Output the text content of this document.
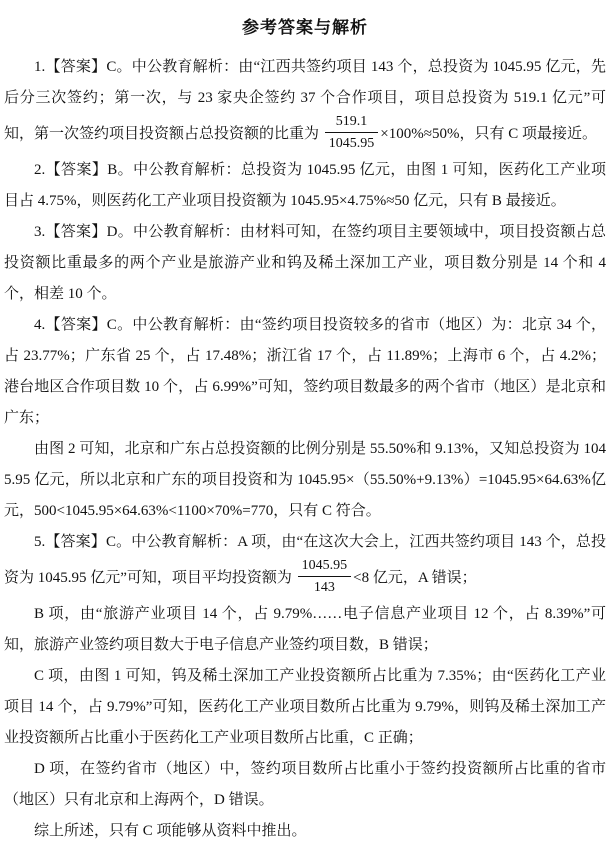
参考答案与解析

1.【答案】C。中公教育解析：由“江西共签约项目 143 个，总投资为 1045.95 亿元，先后分三次签约；第一次，与 23 家央企签约 37 个合作项目，项目总投资为 519.1 亿元”可知，第一次签约项目投资额占总投资额的比重为 $\frac{519.1}{1045.95} \times 100\%\approx 50\%$，只有 C 项最接近。

2.【答案】B。中公教育解析：总投资为 1045.95 亿元，由图 1 可知，医药化工产业项目占 4.75%，则医药化工产业项目投资额为 1045.95×4.75%≈50 亿元，只有 B 最接近。

3.【答案】D。中公教育解析：由材料可知，在签约项目主要领域中，项目投资额占总投资额比重最多的两个产业是旅游产业和钨及稀土深加工产业，项目数分别是 14 个和 4 个，相差 10 个。

4.【答案】C。中公教育解析：由“签约项目投资较多的省市（地区）为：北京 34 个，占 23.77%；广东省 25 个，占 17.48%；浙江省 17 个，占 11.89%；上海市 6 个，占 4.2%；港台地区合作项目数 10 个，占 6.99%”可知，签约项目数最多的两个省市（地区）是北京和广东；

由图 2 可知，北京和广东占总投资额的比例分别是 55.50%和 9.13%，又知总投资为 1045.95 亿元，所以北京和广东的项目投资和为 1045.95×（55.50%+9.13%）=1045.95×64.63%亿元，500<1045.95×64.63%<1100×70%=770，只有 C 符合。

5.【答案】C。中公教育解析：A 项，由“在这次大会上，江西共签约项目 143 个，总投资为 1045.95 亿元”可知，项目平均投资额为 $\frac{1045.95}{143} <8$ 亿元，A 错误；

B 项，由“旅游产业项目 14 个，占 9.79%……电子信息产业项目 12 个，占 8.39%”可知，旅游产业签约项目数大于电子信息产业签约项目数，B 错误；

C 项，由图 1 可知，钨及稀土深加工产业投资额所占比重为 7.35%；由“医药化工产业项目 14 个，占 9.79%”可知，医药化工产业项目数所占比重为 9.79%，则钨及稀土深加工产业投资额所占比重小于医药化工产业项目数所占比重，C 正确；

D 项，在签约省市（地区）中，签约项目数所占比重小于签约投资额所占比重的省市（地区）只有北京和上海两个，D 错误。

综上所述，只有 C 项能够从资料中推出。
